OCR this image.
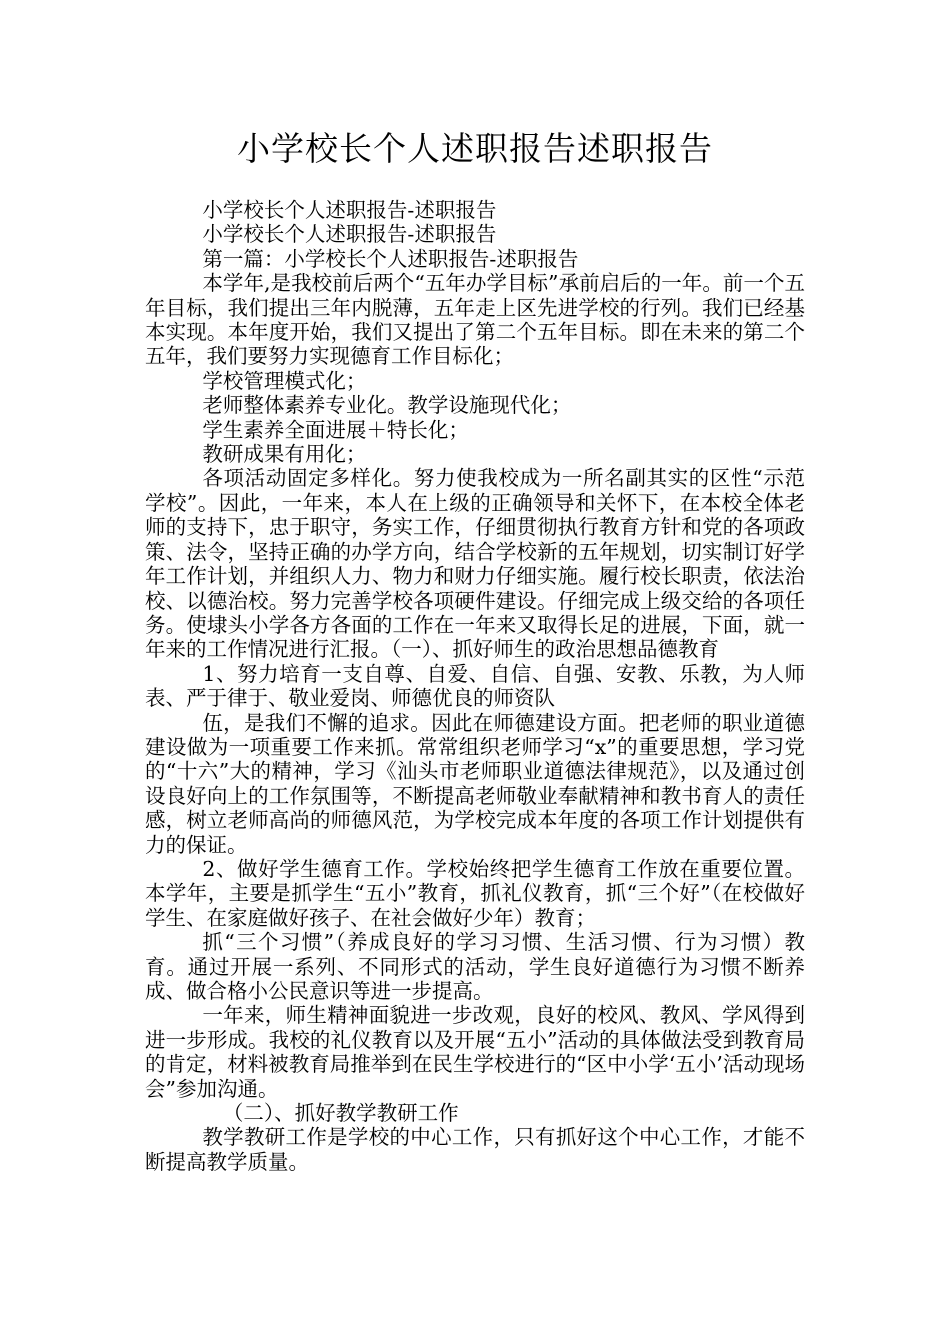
小学校长个人述职报告述职报告

小学校长个人述职报告-述职报告

小学校长个人述职报告-述职报告

第一篇：小学校长个人述职报告-述职报告

本学年,是我校前后两个“五年办学目标”承前启后的一年。前一个五年目标，我们提出三年内脱薄，五年走上区先进学校的行列。我们已经基本实现。本年度开始，我们又提出了第二个五年目标。即在未来的第二个五年，我们要努力实现德育工作目标化；

学校管理模式化；

老师整体素养专业化。教学设施现代化；

学生素养全面进展＋特长化；

教研成果有用化；

各项活动固定多样化。努力使我校成为一所名副其实的区性“示范学校”。因此，一年来，本人在上级的正确领导和关怀下，在本校全体老师的支持下，忠于职守，务实工作，仔细贯彻执行教育方针和党的各项政策、法令，坚持正确的办学方向，结合学校新的五年规划，切实制订好学年工作计划，并组织人力、物力和财力仔细实施。履行校长职责，依法治校、以德治校。努力完善学校各项硬件建设。仔细完成上级交给的各项任务。使埭头小学各方各面的工作在一年来又取得长足的进展，下面，就一年来的工作情况进行汇报。（一）、抓好师生的政治思想品德教育

1、努力培育一支自尊、自爱、自信、自强、安教、乐教，为人师表、严于律于、敬业爱岗、师德优良的师资队

伍，是我们不懈的追求。因此在师德建设方面。把老师的职业道德建设做为一项重要工作来抓。常常组织老师学习“x”的重要思想，学习党的“十六”大的精神，学习《汕头市老师职业道德法律规范》，以及通过创设良好向上的工作氛围等，不断提高老师敬业奉献精神和教书育人的责任感，树立老师高尚的师德风范，为学校完成本年度的各项工作计划提供有力的保证。

2、做好学生德育工作。学校始终把学生德育工作放在重要位置。本学年，主要是抓学生“五小”教育，抓礼仪教育，抓“三个好”（在校做好学生、在家庭做好孩子、在社会做好少年）教育；

抓“三个习惯”（养成良好的学习习惯、生活习惯、行为习惯）教育。通过开展一系列、不同形式的活动，学生良好道德行为习惯不断养成、做合格小公民意识等进一步提高。

一年来，师生精神面貌进一步改观，良好的校风、教风、学风得到进一步形成。我校的礼仪教育以及开展“五小”活动的具体做法受到教育局的肯定，材料被教育局推举到在民生学校进行的“区中小学‘五小’活动现场会”参加沟通。

（二）、抓好教学教研工作

教学教研工作是学校的中心工作，只有抓好这个中心工作，才能不断提高教学质量。
